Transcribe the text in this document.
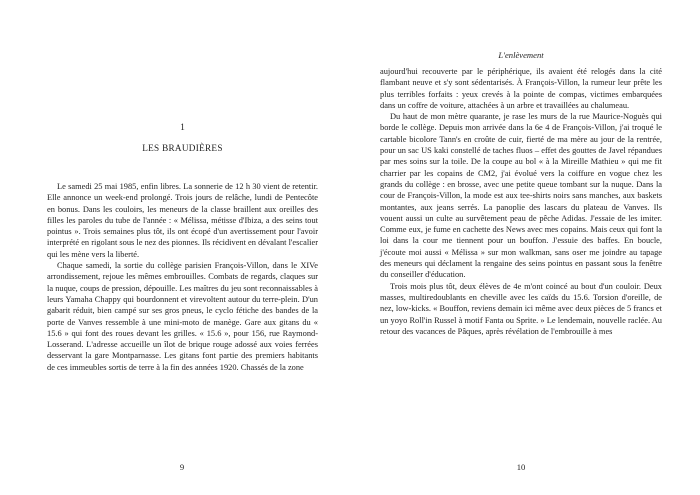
1
LES BRAUDIÈRES

Le samedi 25 mai 1985, enfin libres. La sonnerie de 12 h 30 vient de retentir. Elle annonce un week-end prolongé. Trois jours de relâche, lundi de Pentecôte en bonus. Dans les couloirs, les meneurs de la classe braillent aux oreilles des filles les paroles du tube de l'année : « Mélissa, métisse d'Ibiza, a des seins tout pointus ». Trois semaines plus tôt, ils ont écopé d'un avertissement pour l'avoir interprété en rigolant sous le nez des pionnes. Ils récidivent en dévalant l'escalier qui les mène vers la liberté.

Chaque samedi, la sortie du collège parisien François-Villon, dans le XIVe arrondissement, rejoue les mêmes embrouilles. Combats de regards, claques sur la nuque, coups de pression, dépouille. Les maîtres du jeu sont reconnaissables à leurs Yamaha Chappy qui bourdonnent et virevoltent autour du terre-plein. D'un gabarit réduit, bien campé sur ses gros pneus, le cyclo fétiche des bandes de la porte de Vanves ressemble à une mini-moto de manège. Gare aux gitans du « 15.6 » qui font des roues devant les grilles. « 15.6 », pour 156, rue Raymond-Losserand. L'adresse accueille un îlot de brique rouge adossé aux voies ferrées desservant la gare Montparnasse. Les gitans font partie des premiers habitants de ces immeubles sortis de terre à la fin des années 1920. Chassés de la zone

9
L'enlèvement

aujourd'hui recouverte par le périphérique, ils avaient été relogés dans la cité flambant neuve et s'y sont sédentarisés. À François-Villon, la rumeur leur prête les plus terribles forfaits : yeux crevés à la pointe de compas, victimes embarquées dans un coffre de voiture, attachées à un arbre et travaillées au chalumeau.

Du haut de mon mètre quarante, je rase les murs de la rue Maurice-Noguès qui borde le collège. Depuis mon arrivée dans la 6e 4 de François-Villon, j'ai troqué le cartable bicolore Tann's en croûte de cuir, fierté de ma mère au jour de la rentrée, pour un sac US kaki constellé de taches fluos – effet des gouttes de Javel répandues par mes soins sur la toile. De la coupe au bol « à la Mireille Mathieu » qui me fit charrier par les copains de CM2, j'ai évolué vers la coiffure en vogue chez les grands du collège : en brosse, avec une petite queue tombant sur la nuque. Dans la cour de François-Villon, la mode est aux tee-shirts noirs sans manches, aux baskets montantes, aux jeans serrés. La panoplie des lascars du plateau de Vanves. Ils vouent aussi un culte au survêtement peau de pêche Adidas. J'essaie de les imiter. Comme eux, je fume en cachette des News avec mes copains. Mais ceux qui font la loi dans la cour me tiennent pour un bouffon. J'essuie des baffes. En boucle, j'écoute moi aussi « Mélissa » sur mon walkman, sans oser me joindre au tapage des meneurs qui déclament la rengaine des seins pointus en passant sous la fenêtre du conseiller d'éducation.

Trois mois plus tôt, deux élèves de 4e m'ont coincé au bout d'un couloir. Deux masses, multiredoublants en cheville avec les caïds du 15.6. Torsion d'oreille, de nez, low-kicks. « Bouffon, reviens demain ici même avec deux pièces de 5 francs et un yoyo Roll'in Russel à motif Fanta ou Sprite. » Le lendemain, nouvelle raclée. Au retour des vacances de Pâques, après révélation de l'embrouille à mes

10
